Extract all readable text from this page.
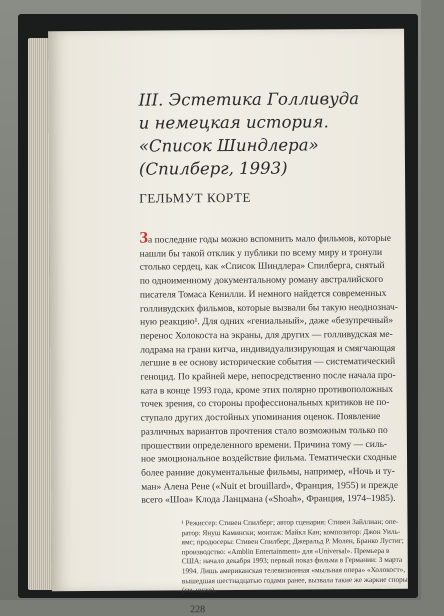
III. Эстетика Голливуда
и немецкая история.
«Список Шиндлера»
(Спилберг, 1993)
ГЕЛЬМУТ КОРТЕ
За последние годы можно вспомнить мало фильмов, которые
нашли бы такой отклик у публики по всему миру и тронули
столько сердец, как «Список Шиндлера» Спилберга, снятый
по одноименному документальному роману австралийского
писателя Томаса Кенилли. И немного найдется современных
голливудских фильмов, которые вызвали бы такую неоднознач-
ную реакцию¹. Для одних «гениальный», даже «безупречный»
перенос Холокоста на экраны, для других — голливудская ме-
лодрама на грани китча, индивидуализирующая и смягчающая
легшие в ее основу исторические события — систематический
геноцид. По крайней мере, непосредственно после начала про-
ката в конце 1993 года, кроме этих полярно противоположных
точек зрения, со стороны профессиональных критиков не по-
ступало других достойных упоминания оценок. Появление
различных вариантов прочтения стало возможным только по
прошествии определенного времени. Причина тому — силь-
ное эмоциональное воздействие фильма. Тематически сходные
более ранние документальные фильмы, например, «Ночь и ту-
ман» Алена Рене («Nuit et brouillard», Франция, 1955) и прежде
всего «Шоа» Клода Ланцмана («Shoah», Франция, 1974–1985).
¹ Режиссер: Стивен Спилберг; автор сценария: Стивен Зайллиан; опе-
ратор: Януш Камински; монтаж: Майкл Кан; композитор: Джон Уиль-
ямс; продюсеры: Стивен Спилберг, Джеральд Р. Молен, Бранко Лустиг;
производство: «Amblin Entertainment» для «Universal». Премьера в
США: начало декабря 1993; первый показ фильма в Германии: 3 марта
1994. Лишь американская телевизионная «мыльная опера» «Холокост»,
вышедшая шестнадцатью годами ранее, вызвала такие же жаркие споры
(см. ниже).
228
